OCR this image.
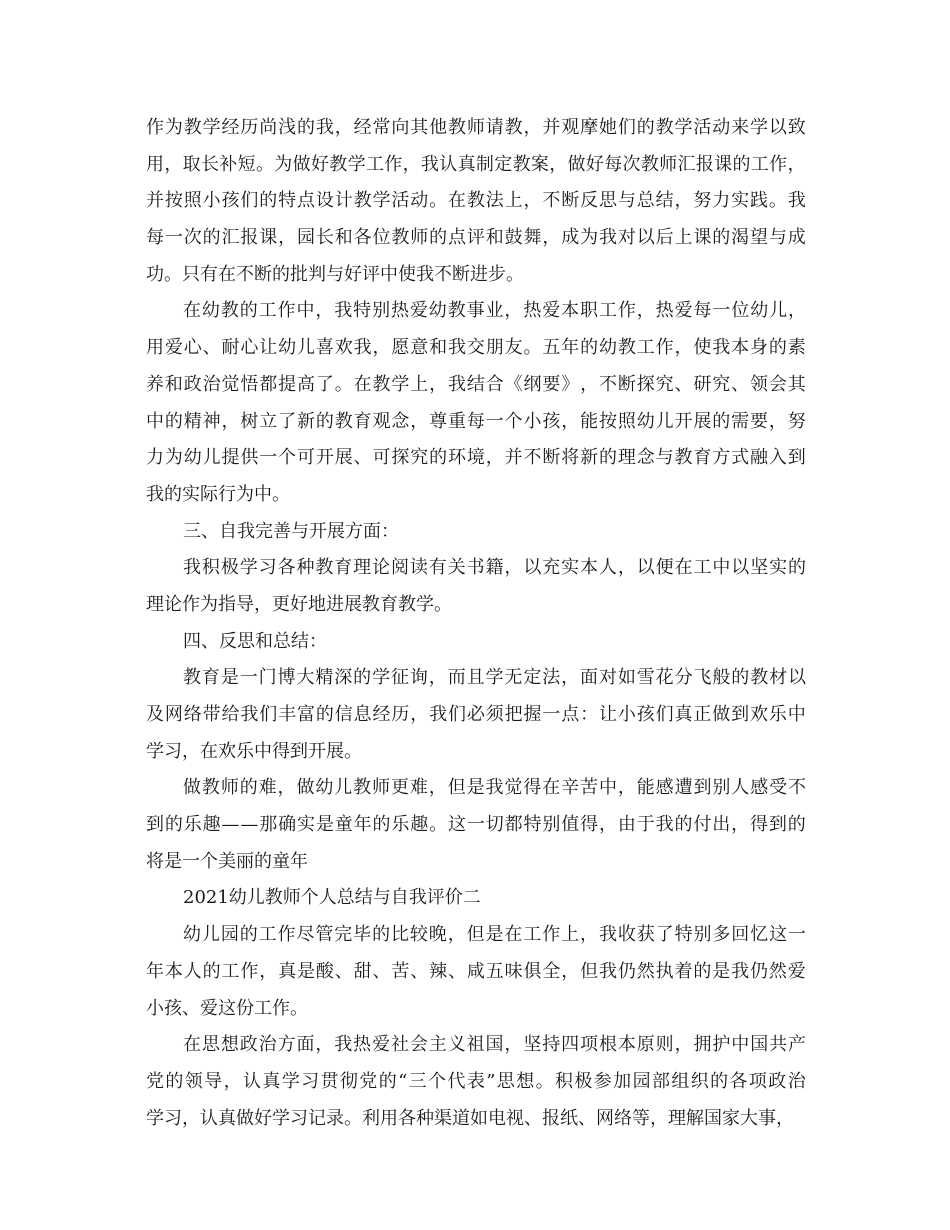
作 为 教 学 经 历 尚 浅 的 我 ， 经 常 向 其 他 教 师 请 教 ， 并 观 摩 她 们 的 教 学 活 动 来 学 以 致
用 ， 取 长 补 短 。 为 做 好 教 学 工 作 ， 我 认 真 制 定 教 案 ， 做 好 每 次 教 师 汇 报 课 的 工 作 ，
并 按 照 小 孩 们 的 特 点 设 计 教 学 活 动 。 在 教 法 上 ， 不 断 反 思 与 总 结 ， 努 力 实 践 。 我
每 一 次 的 汇 报 课 ， 园 长 和 各 位 教 师 的 点 评 和 鼓 舞 ， 成 为 我 对 以 后 上 课 的 渴 望 与 成
功。只有在不断的批判与好评中使我不断进步。
在 幼 教 的 工 作 中 ， 我 特 别 热 爱 幼 教 事 业 ， 热 爱 本 职 工 作 ， 热 爱 每 一 位 幼 儿 ，
用 爱 心 、 耐 心 让 幼 儿 喜 欢 我 ， 愿 意 和 我 交 朋 友 。 五 年 的 幼 教 工 作 ， 使 我 本 身 的 素
养 和 政 治 觉 悟 都 提 高 了 。 在 教 学 上 ， 我 结 合 《 纲 要 》 ， 不 断 探 究 、 研 究 、 领 会 其
中 的 精 神 ， 树 立 了 新 的 教 育 观 念 ， 尊 重 每 一 个 小 孩 ， 能 按 照 幼 儿 开 展 的 需 要 ， 努
力 为 幼 儿 提 供 一 个 可 开 展 、 可 探 究 的 环 境 ， 并 不 断 将 新 的 理 念 与 教 育 方 式 融 入 到
我的实际行为中。
三、自我完善与开展方面：
我 积 极 学 习 各 种 教 育 理 论 阅 读 有 关 书 籍 ， 以 充 实 本 人 ， 以 便 在 工 中 以 坚 实 的
理论作为指导，更好地进展教育教学。
四、反思和总结：
教 育 是 一 门 博 大 精 深 的 学 征 询 ， 而 且 学 无 定 法 ， 面 对 如 雪 花 分 飞 般 的 教 材 以
及 网 络 带 给 我 们 丰 富 的 信 息 经 历 ， 我 们 必 须 把 握 一 点 ： 让 小 孩 们 真 正 做 到 欢 乐 中
学习，在欢乐中得到开展。
做 教 师 的 难 ， 做 幼 儿 教 师 更 难 ， 但 是 我 觉 得 在 辛 苦 中 ， 能 感 遭 到 别 人 感 受 不
到 的 乐 趣 — — 那 确 实 是 童 年 的 乐 趣 。 这 一 切 都 特 别 值 得 ， 由 于 我 的 付 出 ， 得 到 的
将是一个美丽的童年
2021幼儿教师个人总结与自我评价二
幼 儿 园 的 工 作 尽 管 完 毕 的 比 较 晚 ， 但 是 在 工 作 上 ， 我 收 获 了 特 别 多 回 忆 这 一
年 本 人 的 工 作 ， 真 是 酸 、 甜 、 苦 、 辣 、 咸 五 味 俱 全 ， 但 我 仍 然 执 着 的 是 我 仍 然 爱
小孩、爱这份工作。
在 思 想 政 治 方 面 ， 我 热 爱 社 会 主 义 祖 国 ， 坚 持 四 项 根 本 原 则 ， 拥 护 中 国 共 产
党 的 领 导 ， 认 真 学 习 贯 彻 党 的 “ 三 个 代 表 ” 思 想 。 积 极 参 加 园 部 组 织 的 各 项 政 治
学习，认真做好学习记录。利用各种渠道如电视、报纸、网络等，理解国家大事，
